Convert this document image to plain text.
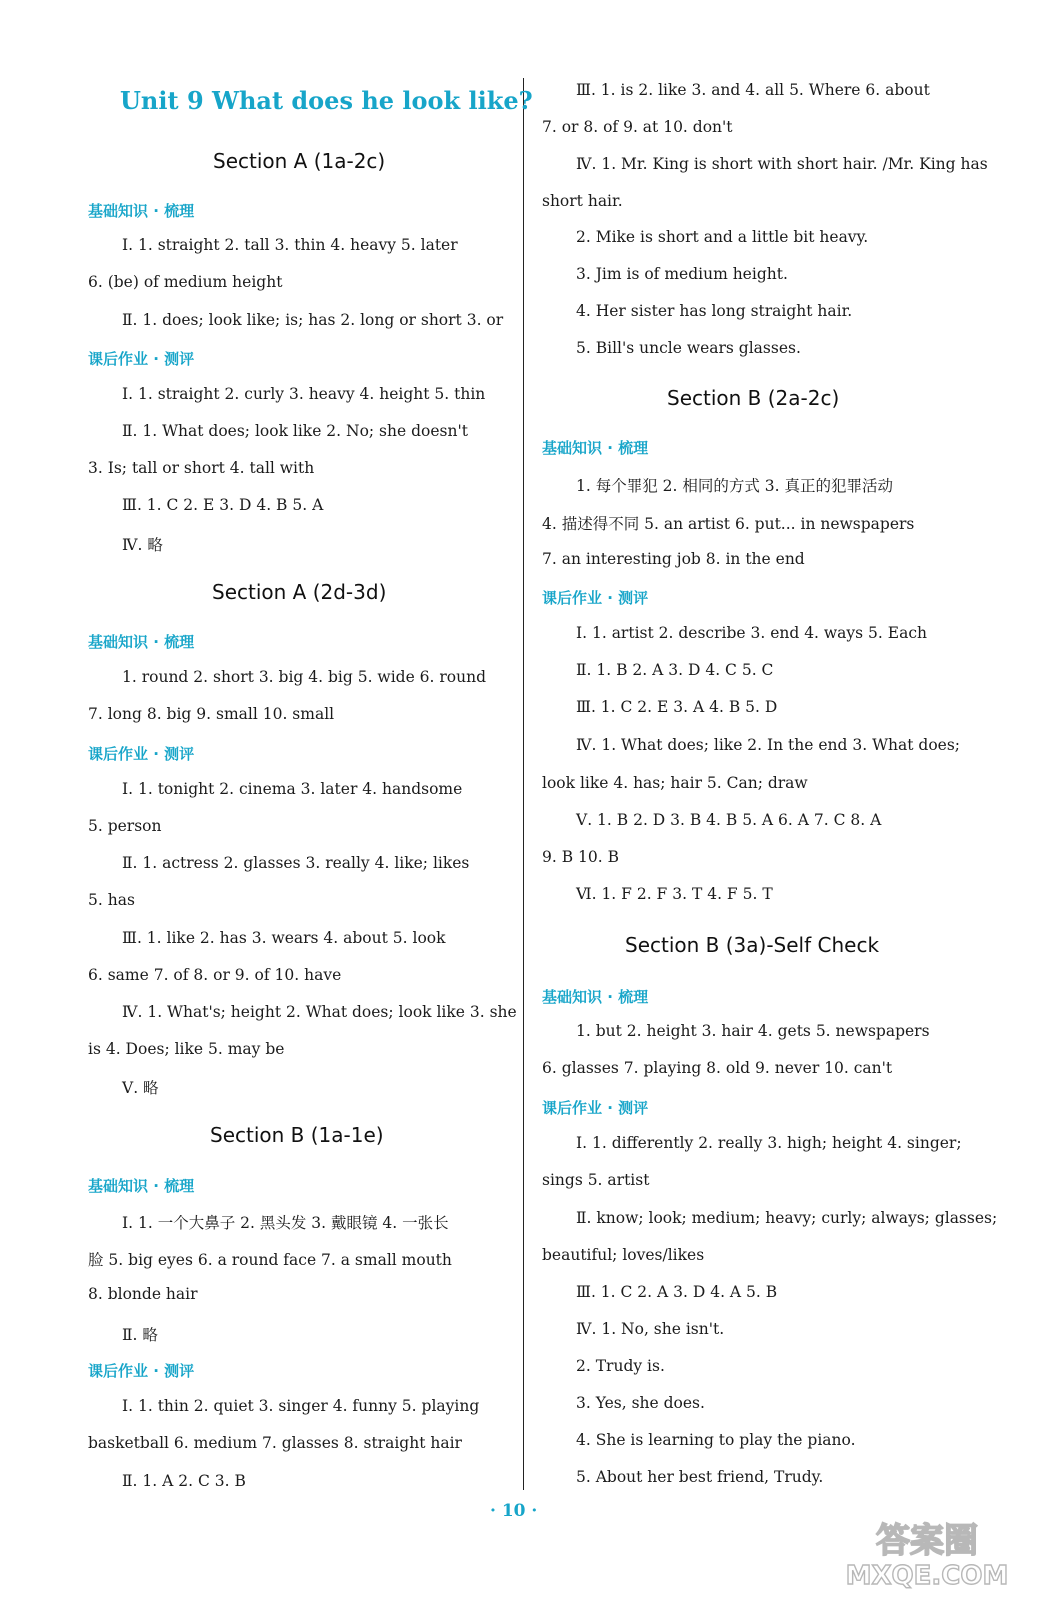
Unit 9 What does he look like?
Section A (1a-2c)
基础知识 · 梳理
Ⅰ. 1. straight 2. tall 3. thin 4. heavy 5. later
6. (be) of medium height
Ⅱ. 1. does; look like; is; has 2. long or short 3. or
课后作业 · 测评
Ⅰ. 1. straight 2. curly 3. heavy 4. height 5. thin
Ⅱ. 1. What does; look like 2. No; she doesn't
3. Is; tall or short 4. tall with
Ⅲ. 1. C 2. E 3. D 4. B 5. A
Ⅳ. 略
Section A (2d-3d)
基础知识 · 梳理
1. round 2. short 3. big 4. big 5. wide 6. round
7. long 8. big 9. small 10. small
课后作业 · 测评
Ⅰ. 1. tonight 2. cinema 3. later 4. handsome
5. person
Ⅱ. 1. actress 2. glasses 3. really 4. like; likes
5. has
Ⅲ. 1. like 2. has 3. wears 4. about 5. look
6. same 7. of 8. or 9. of 10. have
Ⅳ. 1. What's; height 2. What does; look like 3. she
is 4. Does; like 5. may be
Ⅴ. 略
Section B (1a-1e)
基础知识 · 梳理
Ⅰ. 1. 一个大鼻子 2. 黑头发 3. 戴眼镜 4. 一张长
脸 5. big eyes 6. a round face 7. a small mouth
8. blonde hair
Ⅱ. 略
课后作业 · 测评
Ⅰ. 1. thin 2. quiet 3. singer 4. funny 5. playing
basketball 6. medium 7. glasses 8. straight hair
Ⅱ. 1. A 2. C 3. B
Ⅲ. 1. is 2. like 3. and 4. all 5. Where 6. about
7. or 8. of 9. at 10. don't
Ⅳ. 1. Mr. King is short with short hair. /Mr. King has
short hair.
2. Mike is short and a little bit heavy.
3. Jim is of medium height.
4. Her sister has long straight hair.
5. Bill's uncle wears glasses.
Section B (2a-2c)
基础知识 · 梳理
1. 每个罪犯 2. 相同的方式 3. 真正的犯罪活动
4. 描述得不同 5. an artist 6. put... in newspapers
7. an interesting job 8. in the end
课后作业 · 测评
Ⅰ. 1. artist 2. describe 3. end 4. ways 5. Each
Ⅱ. 1. B 2. A 3. D 4. C 5. C
Ⅲ. 1. C 2. E 3. A 4. B 5. D
Ⅳ. 1. What does; like 2. In the end 3. What does;
look like 4. has; hair 5. Can; draw
Ⅴ. 1. B 2. D 3. B 4. B 5. A 6. A 7. C 8. A
9. B 10. B
Ⅵ. 1. F 2. F 3. T 4. F 5. T
Section B (3a)-Self Check
基础知识 · 梳理
1. but 2. height 3. hair 4. gets 5. newspapers
6. glasses 7. playing 8. old 9. never 10. can't
课后作业 · 测评
Ⅰ. 1. differently 2. really 3. high; height 4. singer;
sings 5. artist
Ⅱ. know; look; medium; heavy; curly; always; glasses;
beautiful; loves/likes
Ⅲ. 1. C 2. A 3. D 4. A 5. B
Ⅳ. 1. No, she isn't.
2. Trudy is.
3. Yes, she does.
4. She is learning to play the piano.
5. About her best friend, Trudy.
· 10 ·
答案圈
MXQE.COM
